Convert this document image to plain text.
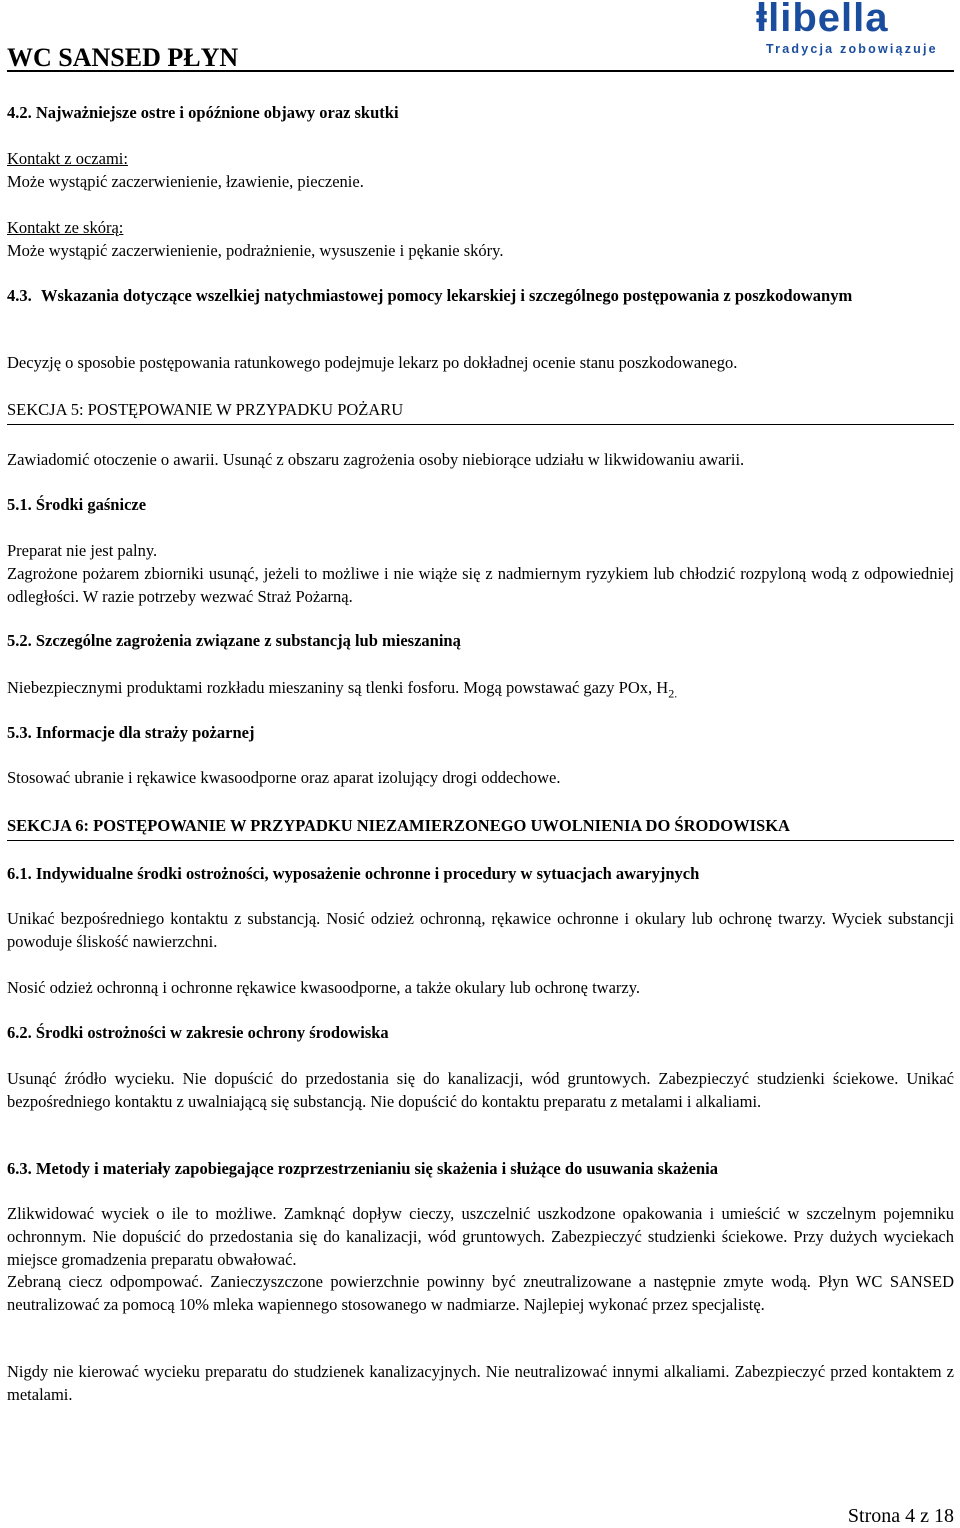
WC SANSED PŁYN
ⱡlibella
Tradycja zobowiązuje
4.2. Najważniejsze ostre i opóźnione objawy oraz skutki
Kontakt z oczami:
Może wystąpić zaczerwienienie, łzawienie, pieczenie.
Kontakt ze skórą:
Może wystąpić zaczerwienienie, podrażnienie, wysuszenie i pękanie skóry.
4.3. Wskazania dotyczące wszelkiej natychmiastowej pomocy lekarskiej i szczególnego postępowania z poszkodowanym
Decyzję o sposobie postępowania ratunkowego podejmuje lekarz po dokładnej ocenie stanu poszkodowanego.
SEKCJA 5: POSTĘPOWANIE W PRZYPADKU POŻARU
Zawiadomić otoczenie o awarii. Usunąć z obszaru zagrożenia osoby niebiorące udziału w likwidowaniu awarii.
5.1. Środki gaśnicze
Preparat nie jest palny.
Zagrożone pożarem zbiorniki usunąć, jeżeli to możliwe i nie wiąże się z nadmiernym ryzykiem lub chłodzić rozpyloną wodą z odpowiedniej odległości. W razie potrzeby wezwać Straż Pożarną.
5.2. Szczególne zagrożenia związane z substancją lub mieszaniną
Niebezpiecznymi produktami rozkładu mieszaniny są tlenki fosforu. Mogą powstawać gazy POx, $H_{2.}$
5.3. Informacje dla straży pożarnej
Stosować ubranie i rękawice kwasoodporne oraz aparat izolujący drogi oddechowe.
SEKCJA 6: POSTĘPOWANIE W PRZYPADKU NIEZAMIERZONEGO UWOLNIENIA DO ŚRODOWISKA
6.1. Indywidualne środki ostrożności, wyposażenie ochronne i procedury w sytuacjach awaryjnych
Unikać bezpośredniego kontaktu z substancją. Nosić odzież ochronną, rękawice ochronne i okulary lub ochronę twarzy. Wyciek substancji powoduje śliskość nawierzchni.
Nosić odzież ochronną i ochronne rękawice kwasoodporne, a także okulary lub ochronę twarzy.
6.2. Środki ostrożności w zakresie ochrony środowiska
Usunąć źródło wycieku. Nie dopuścić do przedostania się do kanalizacji, wód gruntowych. Zabezpieczyć studzienki ściekowe. Unikać bezpośredniego kontaktu z uwalniającą się substancją. Nie dopuścić do kontaktu preparatu z metalami i alkaliami.
6.3. Metody i materiały zapobiegające rozprzestrzenianiu się skażenia i służące do usuwania skażenia
Zlikwidować wyciek o ile to możliwe. Zamknąć dopływ cieczy, uszczelnić uszkodzone opakowania i umieścić w szczelnym pojemniku ochronnym. Nie dopuścić do przedostania się do kanalizacji, wód gruntowych. Zabezpieczyć studzienki ściekowe. Przy dużych wyciekach miejsce gromadzenia preparatu obwałować.
Zebraną ciecz odpompować. Zanieczyszczone powierzchnie powinny być zneutralizowane a następnie zmyte wodą. Płyn WC SANSED neutralizować za pomocą 10% mleka wapiennego stosowanego w nadmiarze. Najlepiej wykonać przez specjalistę.
Nigdy nie kierować wycieku preparatu do studzienek kanalizacyjnych. Nie neutralizować innymi alkaliami. Zabezpieczyć przed kontaktem z metalami.
Strona 4 z 18
